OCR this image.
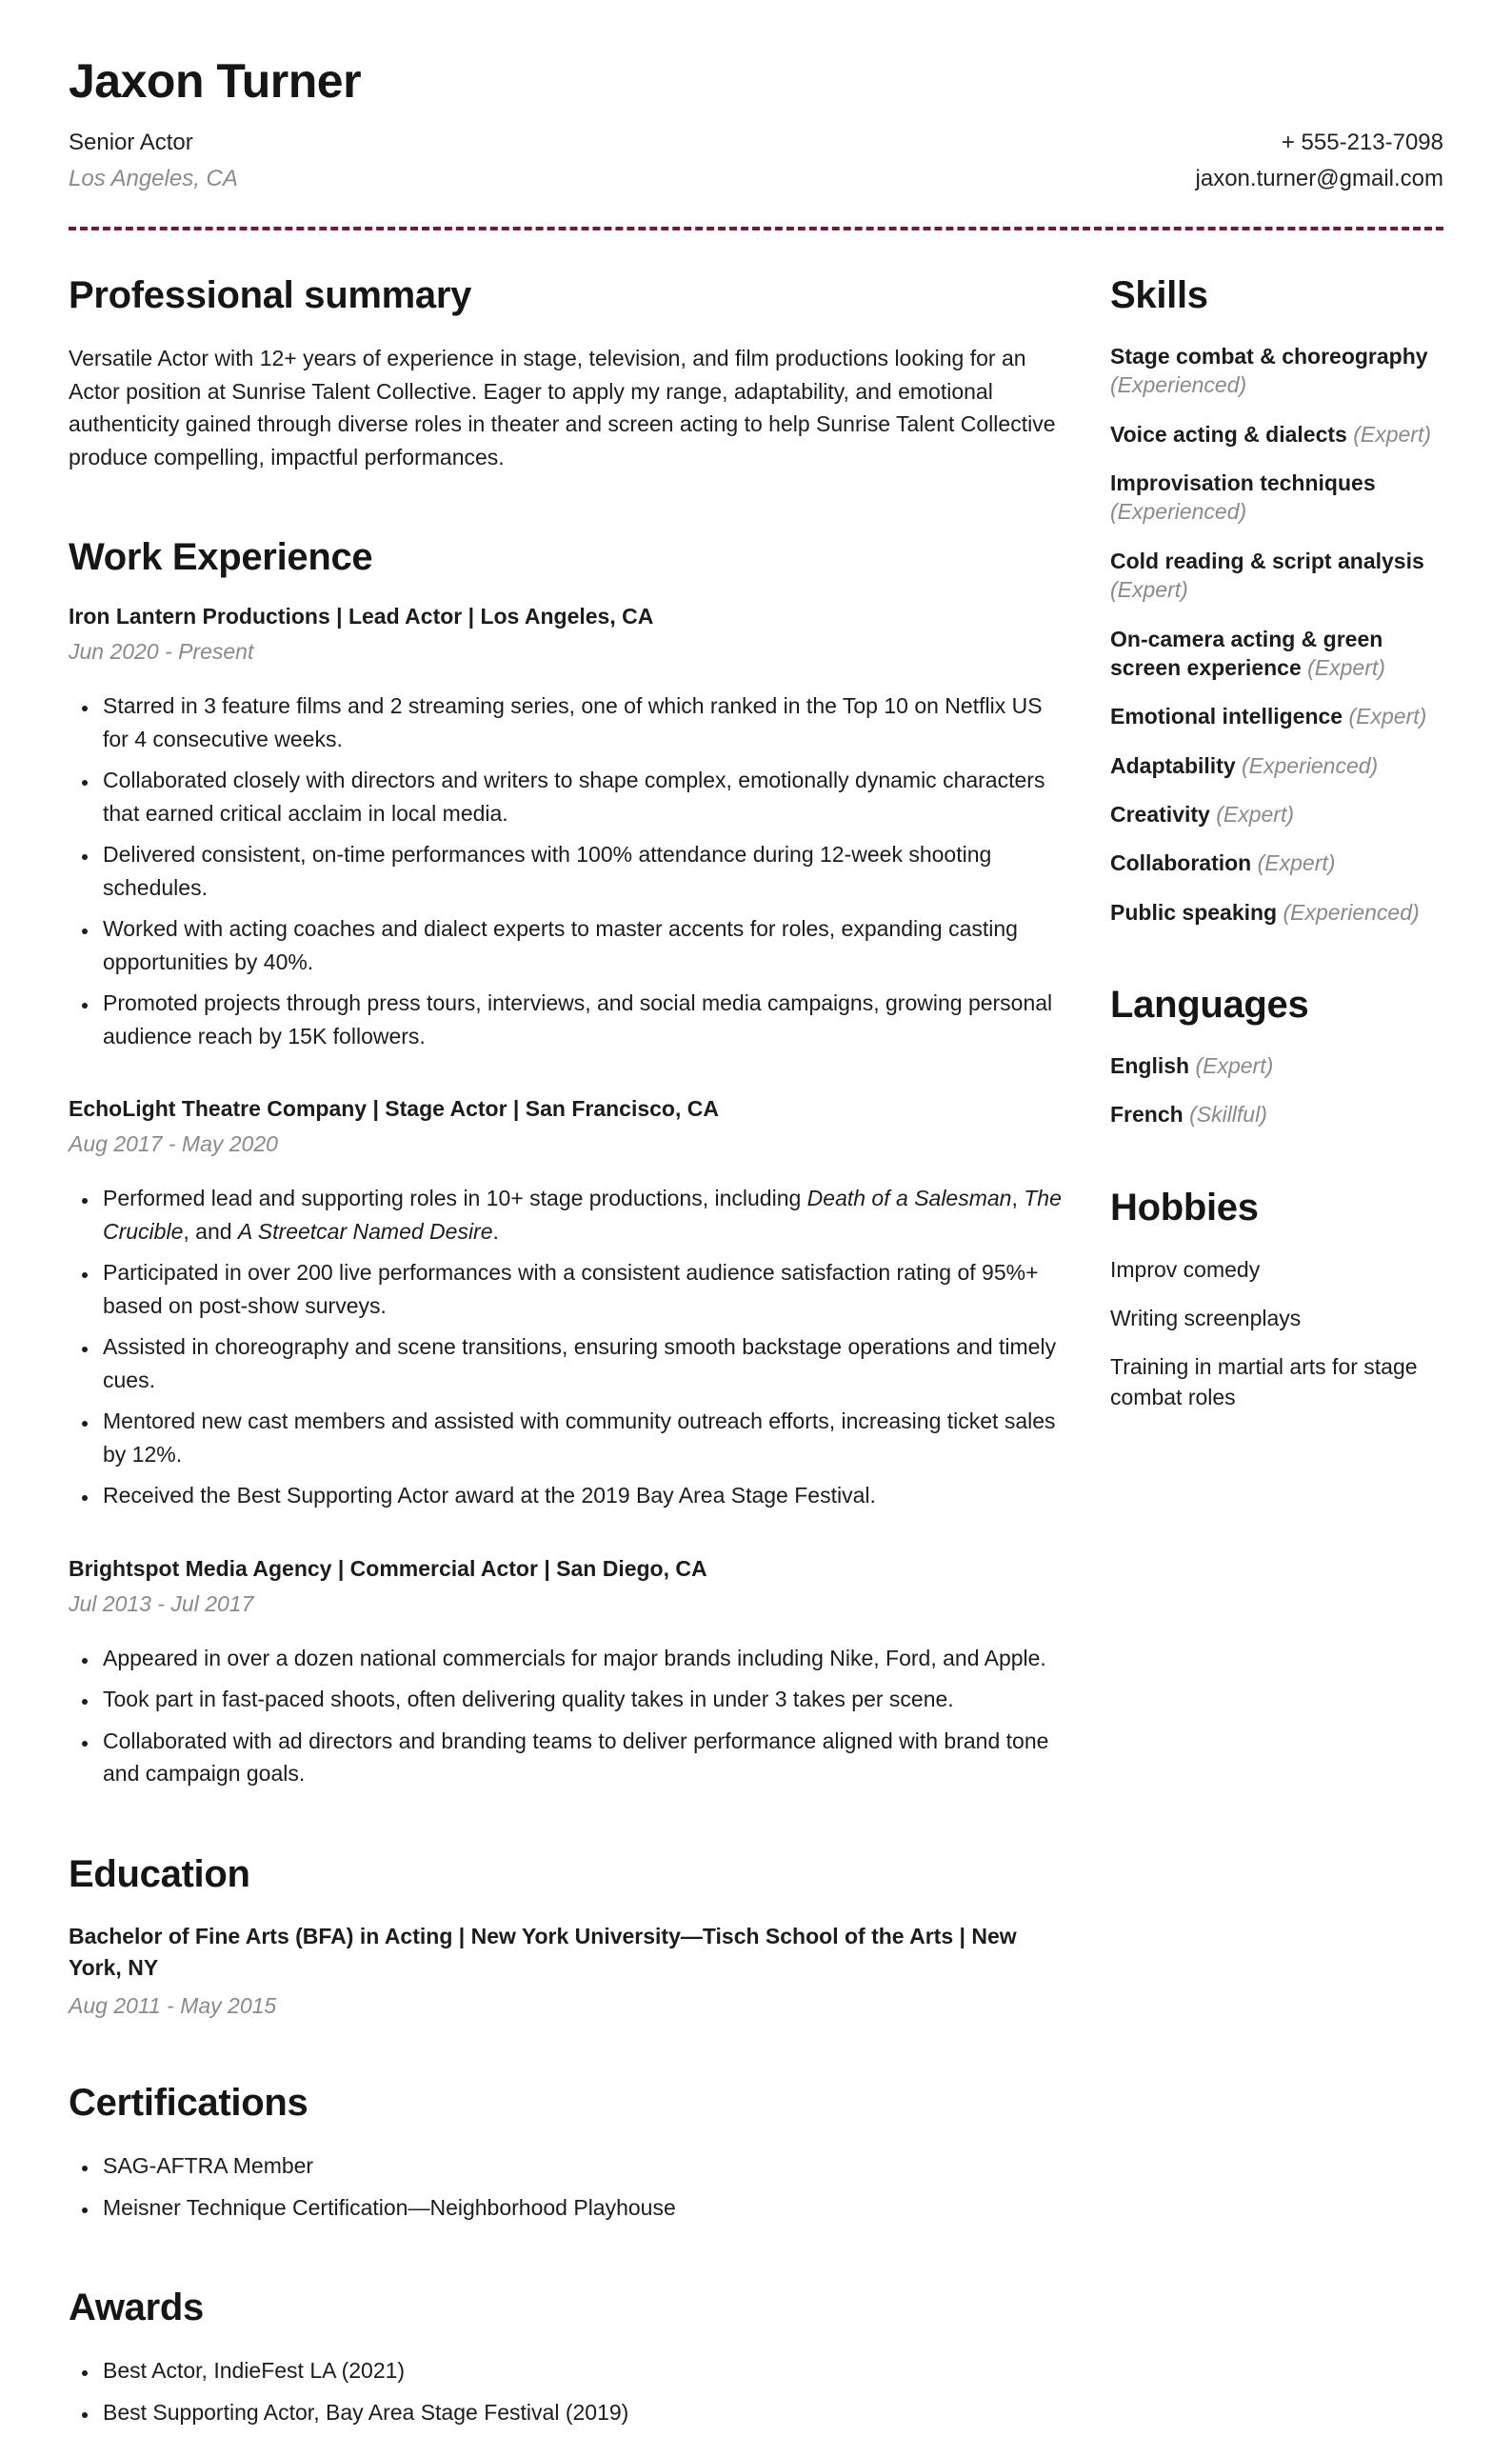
Jaxon Turner
Senior Actor
Los Angeles, CA
+ 555-213-7098
jaxon.turner@gmail.com
Professional summary

Versatile Actor with 12+ years of experience in stage, television, and film productions looking for an Actor position at Sunrise Talent Collective. Eager to apply my range, adaptability, and emotional authenticity gained through diverse roles in theater and screen acting to help Sunrise Talent Collective produce compelling, impactful performances.

Work Experience

Iron Lantern Productions | Lead Actor | Los Angeles, CA

Jun 2020 - Present
• Starred in 3 feature films and 2 streaming series, one of which ranked in the Top 10 on Netflix US for 4 consecutive weeks.
• Collaborated closely with directors and writers to shape complex, emotionally dynamic characters that earned critical acclaim in local media.
• Delivered consistent, on-time performances with 100% attendance during 12-week shooting schedules.
• Worked with acting coaches and dialect experts to master accents for roles, expanding casting opportunities by 40%.
• Promoted projects through press tours, interviews, and social media campaigns, growing personal audience reach by 15K followers.

EchoLight Theatre Company | Stage Actor | San Francisco, CA

Aug 2017 - May 2020
• Performed lead and supporting roles in 10+ stage productions, including Death of a Salesman, The Crucible, and A Streetcar Named Desire.
• Participated in over 200 live performances with a consistent audience satisfaction rating of 95%+ based on post-show surveys.
• Assisted in choreography and scene transitions, ensuring smooth backstage operations and timely cues.
• Mentored new cast members and assisted with community outreach efforts, increasing ticket sales by 12%.
• Received the Best Supporting Actor award at the 2019 Bay Area Stage Festival.

Brightspot Media Agency | Commercial Actor | San Diego, CA

Jul 2013 - Jul 2017
• Appeared in over a dozen national commercials for major brands including Nike, Ford, and Apple.
• Took part in fast-paced shoots, often delivering quality takes in under 3 takes per scene.
• Collaborated with ad directors and branding teams to deliver performance aligned with brand tone and campaign goals.
Education

Bachelor of Fine Arts (BFA) in Acting | New York University—Tisch School of the Arts | New York, NY

Aug 2011 - May 2015
Certifications
• SAG-AFTRA Member
• Meisner Technique Certification—Neighborhood Playhouse
Awards
• Best Actor, IndieFest LA (2021)
• Best Supporting Actor, Bay Area Stage Festival (2019)
Skills
Stage combat & choreography (Experienced)
Voice acting & dialects (Expert)
Improvisation techniques (Experienced)
Cold reading & script analysis (Expert)
On-camera acting & green screen experience (Expert)
Emotional intelligence (Expert)
Adaptability (Experienced)
Creativity (Expert)
Collaboration (Expert)
Public speaking (Experienced)
Languages
English (Expert)
French (Skillful)
Hobbies
Improv comedy
Writing screenplays
Training in martial arts for stage combat roles
